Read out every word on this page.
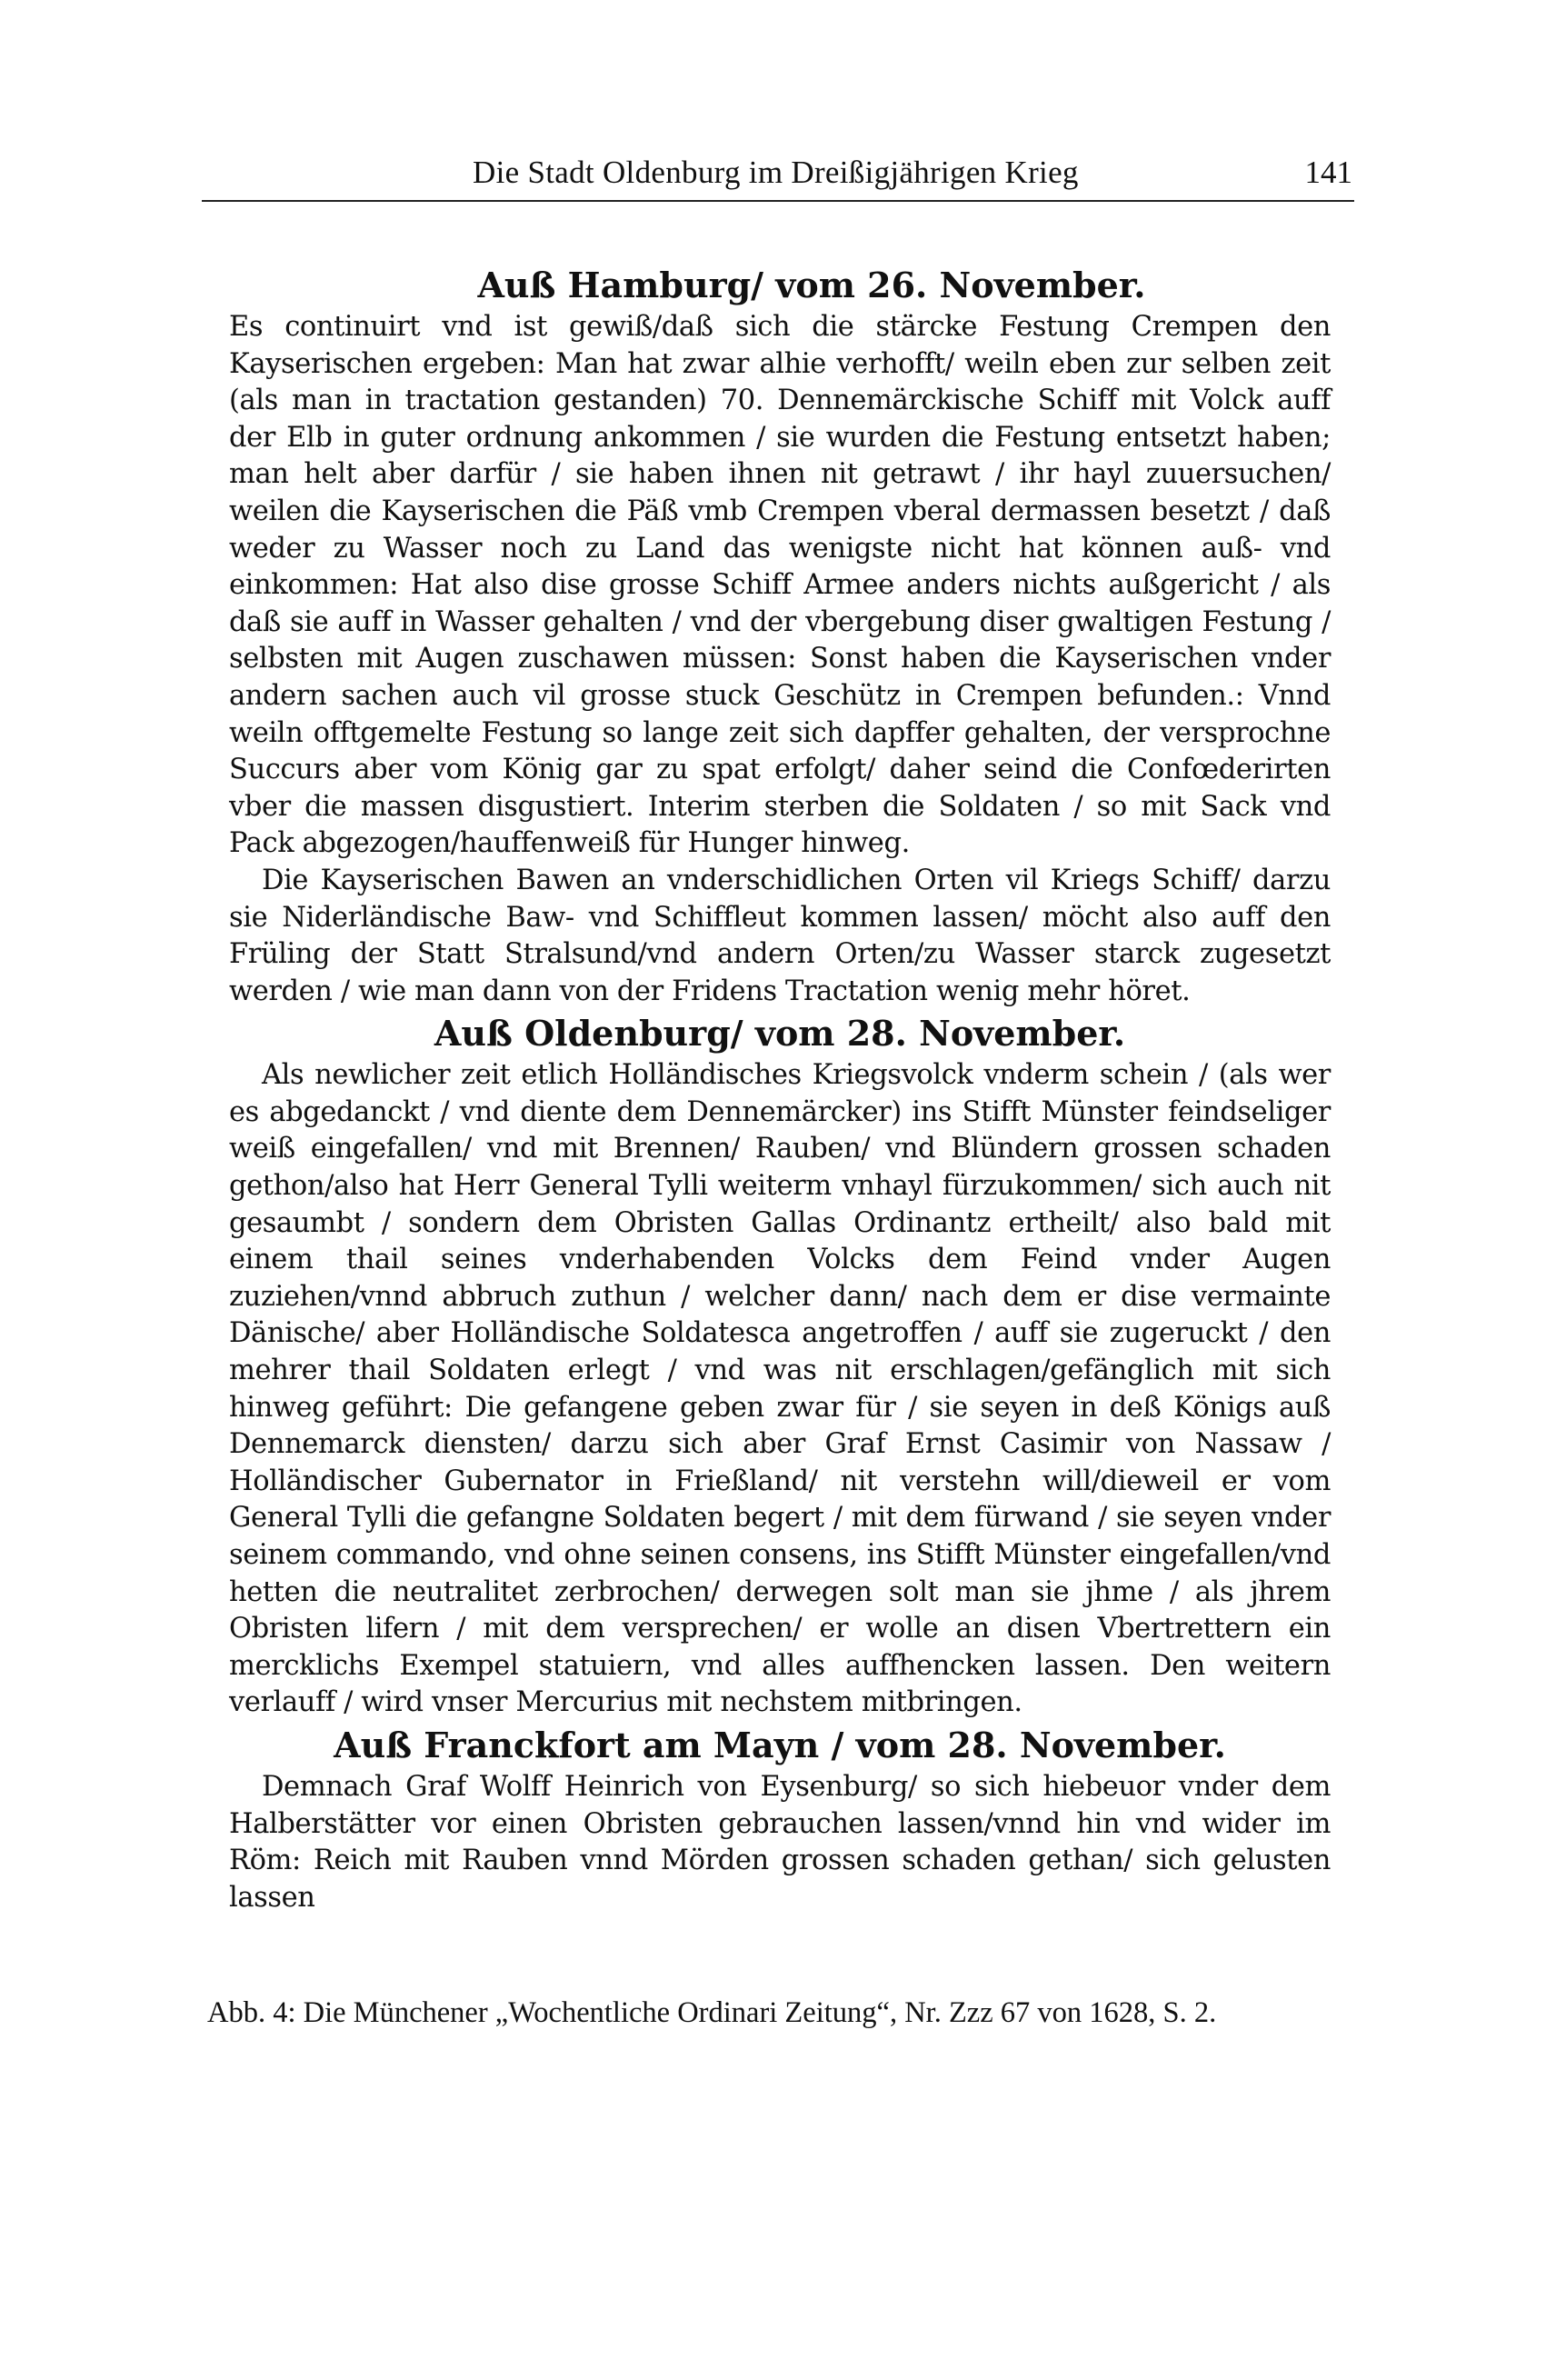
Die Stadt Oldenburg im Dreißigjährigen Krieg	141
Auß Hamburg/ vom 26. November.

Es continuirt vnd ist gewiß/daß sich die stärcke Festung Crempen den Kayserischen ergeben: Man hat zwar alhie verhofft/ weiln eben zur selben zeit (als man in tractation gestanden) 70. Dennemärckische Schiff mit Volck auff der Elb in guter ordnung ankommen / sie wurden die Festung entsetzt haben; man helt aber darfür / sie haben ihnen nit getrawt / ihr hayl zuuersuchen/ weilen die Kayserischen die Päß vmb Crempen vberal dermassen besetzt / daß weder zu Wasser noch zu Land das wenigste nicht hat können auß- vnd einkommen: Hat also dise grosse Schiff Armee anders nichts außgericht / als daß sie auff in Wasser gehalten / vnd der vbergebung diser gwaltigen Festung / selbsten mit Augen zuschawen müssen: Sonst haben die Kayserischen vnder andern sachen auch vil grosse stuck Geschütz in Crempen befunden.: Vnnd weiln offtgemelte Festung so lange zeit sich dapffer gehalten, der versprochne Succurs aber vom König gar zu spat erfolgt/ daher seind die Confœderirten vber die massen disgustiert. Interim sterben die Soldaten / so mit Sack vnd Pack abgezogen/hauffenweiß für Hunger hinweg.

Die Kayserischen Bawen an vnderschidlichen Orten vil Kriegs Schiff/ darzu sie Niderländische Baw- vnd Schiffleut kommen lassen/ möcht also auff den Früling der Statt Stralsund/vnd andern Orten/zu Wasser starck zugesetzt werden / wie man dann von der Fridens Tractation wenig mehr höret.

Auß Oldenburg/ vom 28. November.

Als newlicher zeit etlich Holländisches Kriegsvolck vnderm schein / (als wer es abgedanckt / vnd diente dem Dennemärcker) ins Stifft Münster feindseliger weiß eingefallen/ vnd mit Brennen/ Rauben/ vnd Blündern grossen schaden gethon/also hat Herr General Tylli weiterm vnhayl fürzukommen/ sich auch nit gesaumbt / sondern dem Obristen Gallas Ordinantz ertheilt/ also bald mit einem thail seines vnderhabenden Volcks dem Feind vnder Augen zuziehen/vnnd abbruch zuthun / welcher dann/ nach dem er dise vermainte Dänische/ aber Holländische Soldatesca angetroffen / auff sie zugeruckt / den mehrer thail Soldaten erlegt / vnd was nit erschlagen/gefänglich mit sich hinweg geführt: Die gefangene geben zwar für / sie seyen in deß Königs auß Dennemarck diensten/ darzu sich aber Graf Ernst Casimir von Nassaw / Holländischer Gubernator in Frießland/ nit verstehn will/dieweil er vom General Tylli die gefangne Soldaten begert / mit dem fürwand / sie seyen vnder seinem commando, vnd ohne seinen consens, ins Stifft Münster eingefallen/vnd hetten die neutralitet zerbrochen/ derwegen solt man sie jhme / als jhrem Obristen lifern / mit dem versprechen/ er wolle an disen Vbertrettern ein mercklichs Exempel statuiern, vnd alles auffhencken lassen. Den weitern verlauff / wird vnser Mercurius mit nechstem mitbringen.

Auß Franckfort am Mayn / vom 28. November.

Demnach Graf Wolff Heinrich von Eysenburg/ so sich hiebeuor vnder dem Halberstätter vor einen Obristen gebrauchen lassen/vnnd hin vnd wider im Röm: Reich mit Rauben vnnd Mörden grossen schaden gethan/ sich gelusten lassen

Abb. 4: Die Münchener „Wochentliche Ordinari Zeitung“, Nr. Zzz 67 von 1628, S. 2.
